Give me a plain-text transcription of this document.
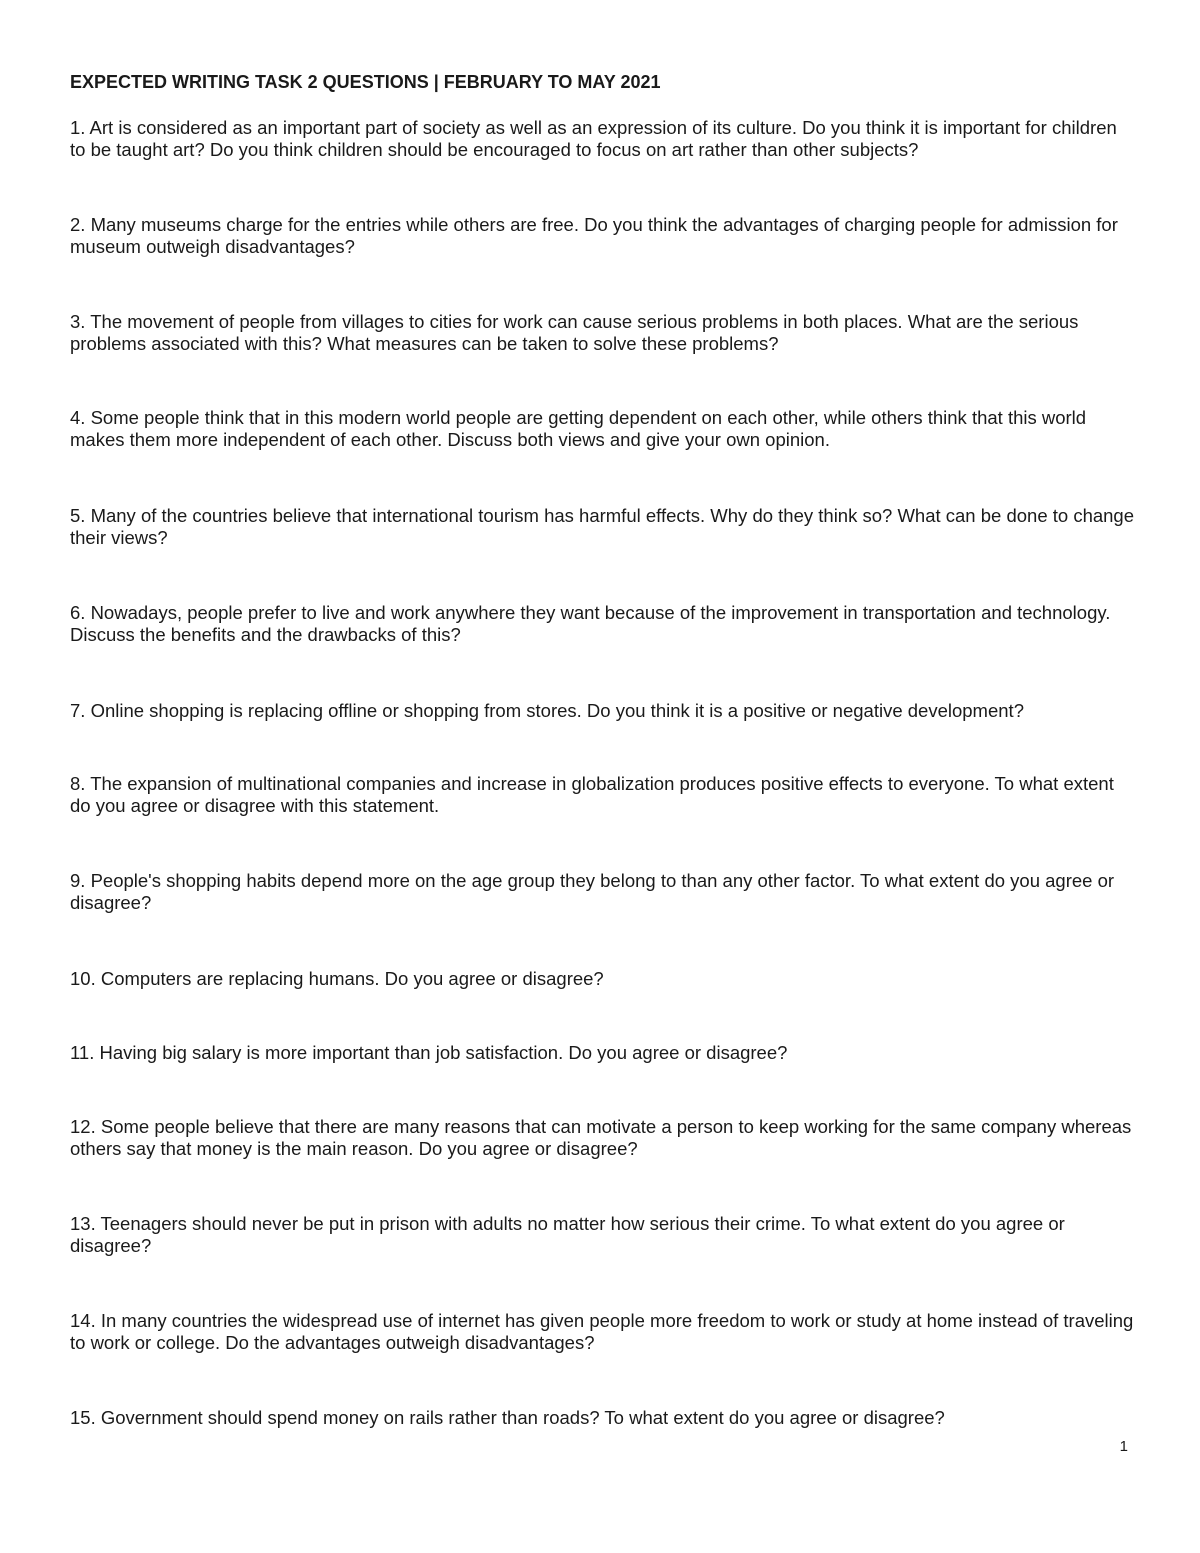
EXPECTED WRITING TASK 2 QUESTIONS | FEBRUARY TO MAY 2021

1. Art is considered as an important part of society as well as an expression of its culture. Do you think it is important for children to be taught art? Do you think children should be encouraged to focus on art rather than other subjects?

2. Many museums charge for the entries while others are free. Do you think the advantages of charging people for admission for museum outweigh disadvantages?

3. The movement of people from villages to cities for work can cause serious problems in both places. What are the serious problems associated with this? What measures can be taken to solve these problems?

4. Some people think that in this modern world people are getting dependent on each other, while others think that this world makes them more independent of each other. Discuss both views and give your own opinion.

5. Many of the countries believe that international tourism has harmful effects. Why do they think so? What can be done to change their views?

6. Nowadays, people prefer to live and work anywhere they want because of the improvement in transportation and technology. Discuss the benefits and the drawbacks of this?

7. Online shopping is replacing offline or shopping from stores. Do you think it is a positive or negative development?

8. The expansion of multinational companies and increase in globalization produces positive effects to everyone. To what extent do you agree or disagree with this statement.

9. People's shopping habits depend more on the age group they belong to than any other factor. To what extent do you agree or disagree?

10. Computers are replacing humans. Do you agree or disagree?

11. Having big salary is more important than job satisfaction. Do you agree or disagree?

12. Some people believe that there are many reasons that can motivate a person to keep working for the same company whereas others say that money is the main reason. Do you agree or disagree?

13. Teenagers should never be put in prison with adults no matter how serious their crime. To what extent do you agree or disagree?

14. In many countries the widespread use of internet has given people more freedom to work or study at home instead of traveling to work or college. Do the advantages outweigh disadvantages?

15. Government should spend money on rails rather than roads? To what extent do you agree or disagree?

1
